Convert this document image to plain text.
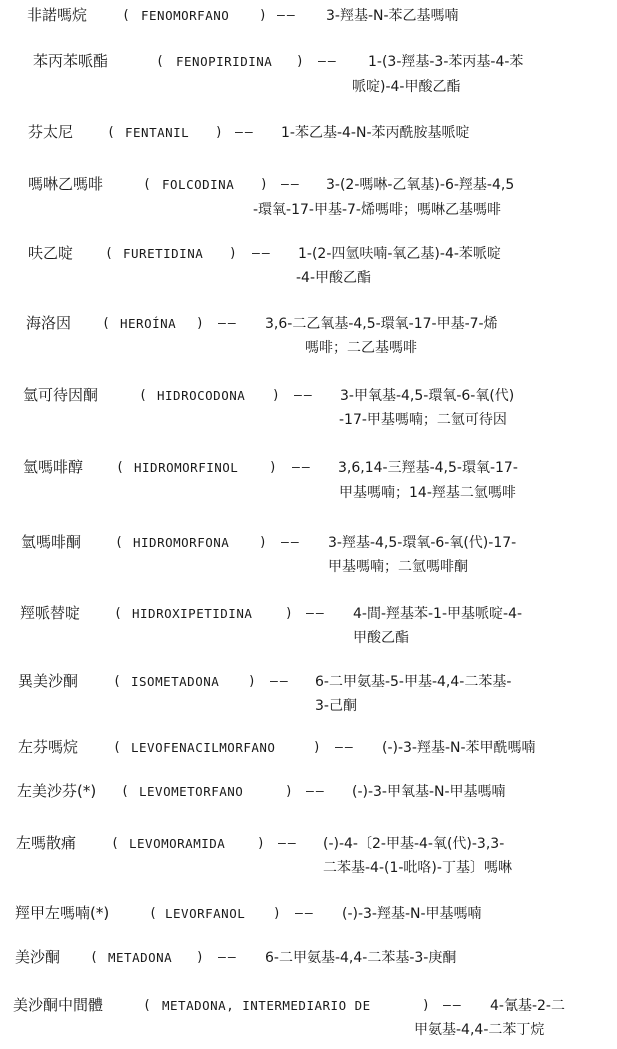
非諾嗎烷	( FENOMORFANO ) —— 3-羥基-N-苯乙基嗎喃
苯丙苯哌酯	( FENOPIRIDINA ) —— 1-(3-羥基-3-苯丙基-4-苯
哌啶)-4-甲酸乙酯
芬太尼	( FENTANIL ) —— 1-苯乙基-4-N-苯丙酰胺基哌啶
嗎啉乙嗎啡	( FOLCODINA ) —— 3-(2-嗎啉-乙氧基)-6-羥基-4,5
-環氧-17-甲基-7-烯嗎啡；嗎啉乙基嗎啡
呋乙啶 ( FURETIDINA ) —— 1-(2-四氫呋喃-氧乙基)-4-苯哌啶
-4-甲酸乙酯
海洛因 ( HEROÍNA ) —— 3,6-二乙氧基-4,5-環氧-17-甲基-7-烯
嗎啡；二乙基嗎啡
氫可待因酮	( HIDROCODONA ) —— 3-甲氧基-4,5-環氧-6-氧(代)
-17-甲基嗎喃；二氫可待因
氫嗎啡醇	( HIDROMORFINOL ) —— 3,6,14-三羥基-4,5-環氧-17-
甲基嗎喃；14-羥基二氫嗎啡
氫嗎啡酮	( HIDROMORFONA ) —— 3-羥基-4,5-環氧-6-氧(代)-17-
甲基嗎喃；二氫嗎啡酮
羥哌替啶	( HIDROXIPETIDINA	) —— 4-間-羥基苯-1-甲基哌啶-4-
甲酸乙酯
異美沙酮	( ISOMETADONA ) —— 6-二甲氨基-5-甲基-4,4-二苯基-
3-己酮
左芬嗎烷	( LEVOFENACILMORFANO	) —— (-)-3-羥基-N-苯甲酰嗎喃
左美沙芬(*) ( LEVOMETORFANO	) —— (-)-3-甲氧基-N-甲基嗎喃
左嗎散痛	( LEVOMORAMIDA ) —— (-)-4-〔2-甲基-4-氧(代)-3,3-
二苯基-4-(1-吡咯)-丁基〕嗎啉
羥甲左嗎喃(*)	( LEVORFANOL ) —— (-)-3-羥基-N-甲基嗎喃
美沙酮 ( METADONA ) —— 6-二甲氨基-4,4-二苯基-3-庚酮
美沙酮中間體	( METADONA, INTERMEDIARIO DE	) —— 4-氰基-2-二
甲氨基-4,4-二苯丁烷
